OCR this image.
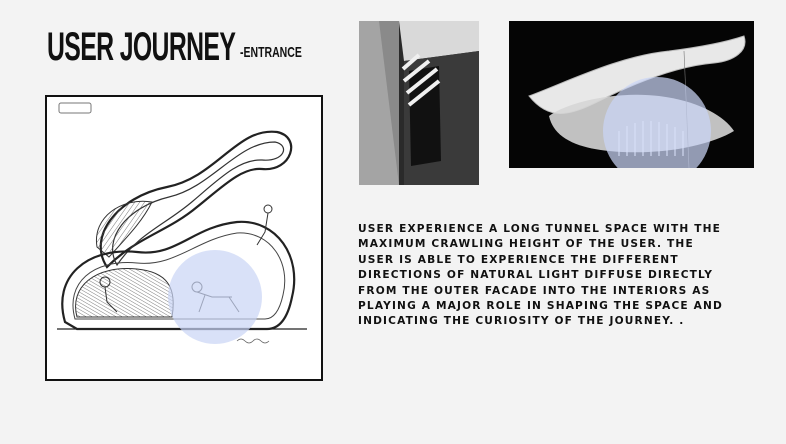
USER JOURNEY -ENTRANCE
USER EXPERIENCE A LONG TUNNEL SPACE WITH THE
MAXIMUM CRAWLING HEIGHT OF THE USER. THE
USER IS ABLE TO EXPERIENCE THE DIFFERENT
DIRECTIONS OF NATURAL LIGHT DIFFUSE DIRECTLY
FROM THE OUTER FACADE INTO THE INTERIORS AS
PLAYING A MAJOR ROLE IN SHAPING THE SPACE AND
INDICATING THE CURIOSITY OF THE JOURNEY. .
